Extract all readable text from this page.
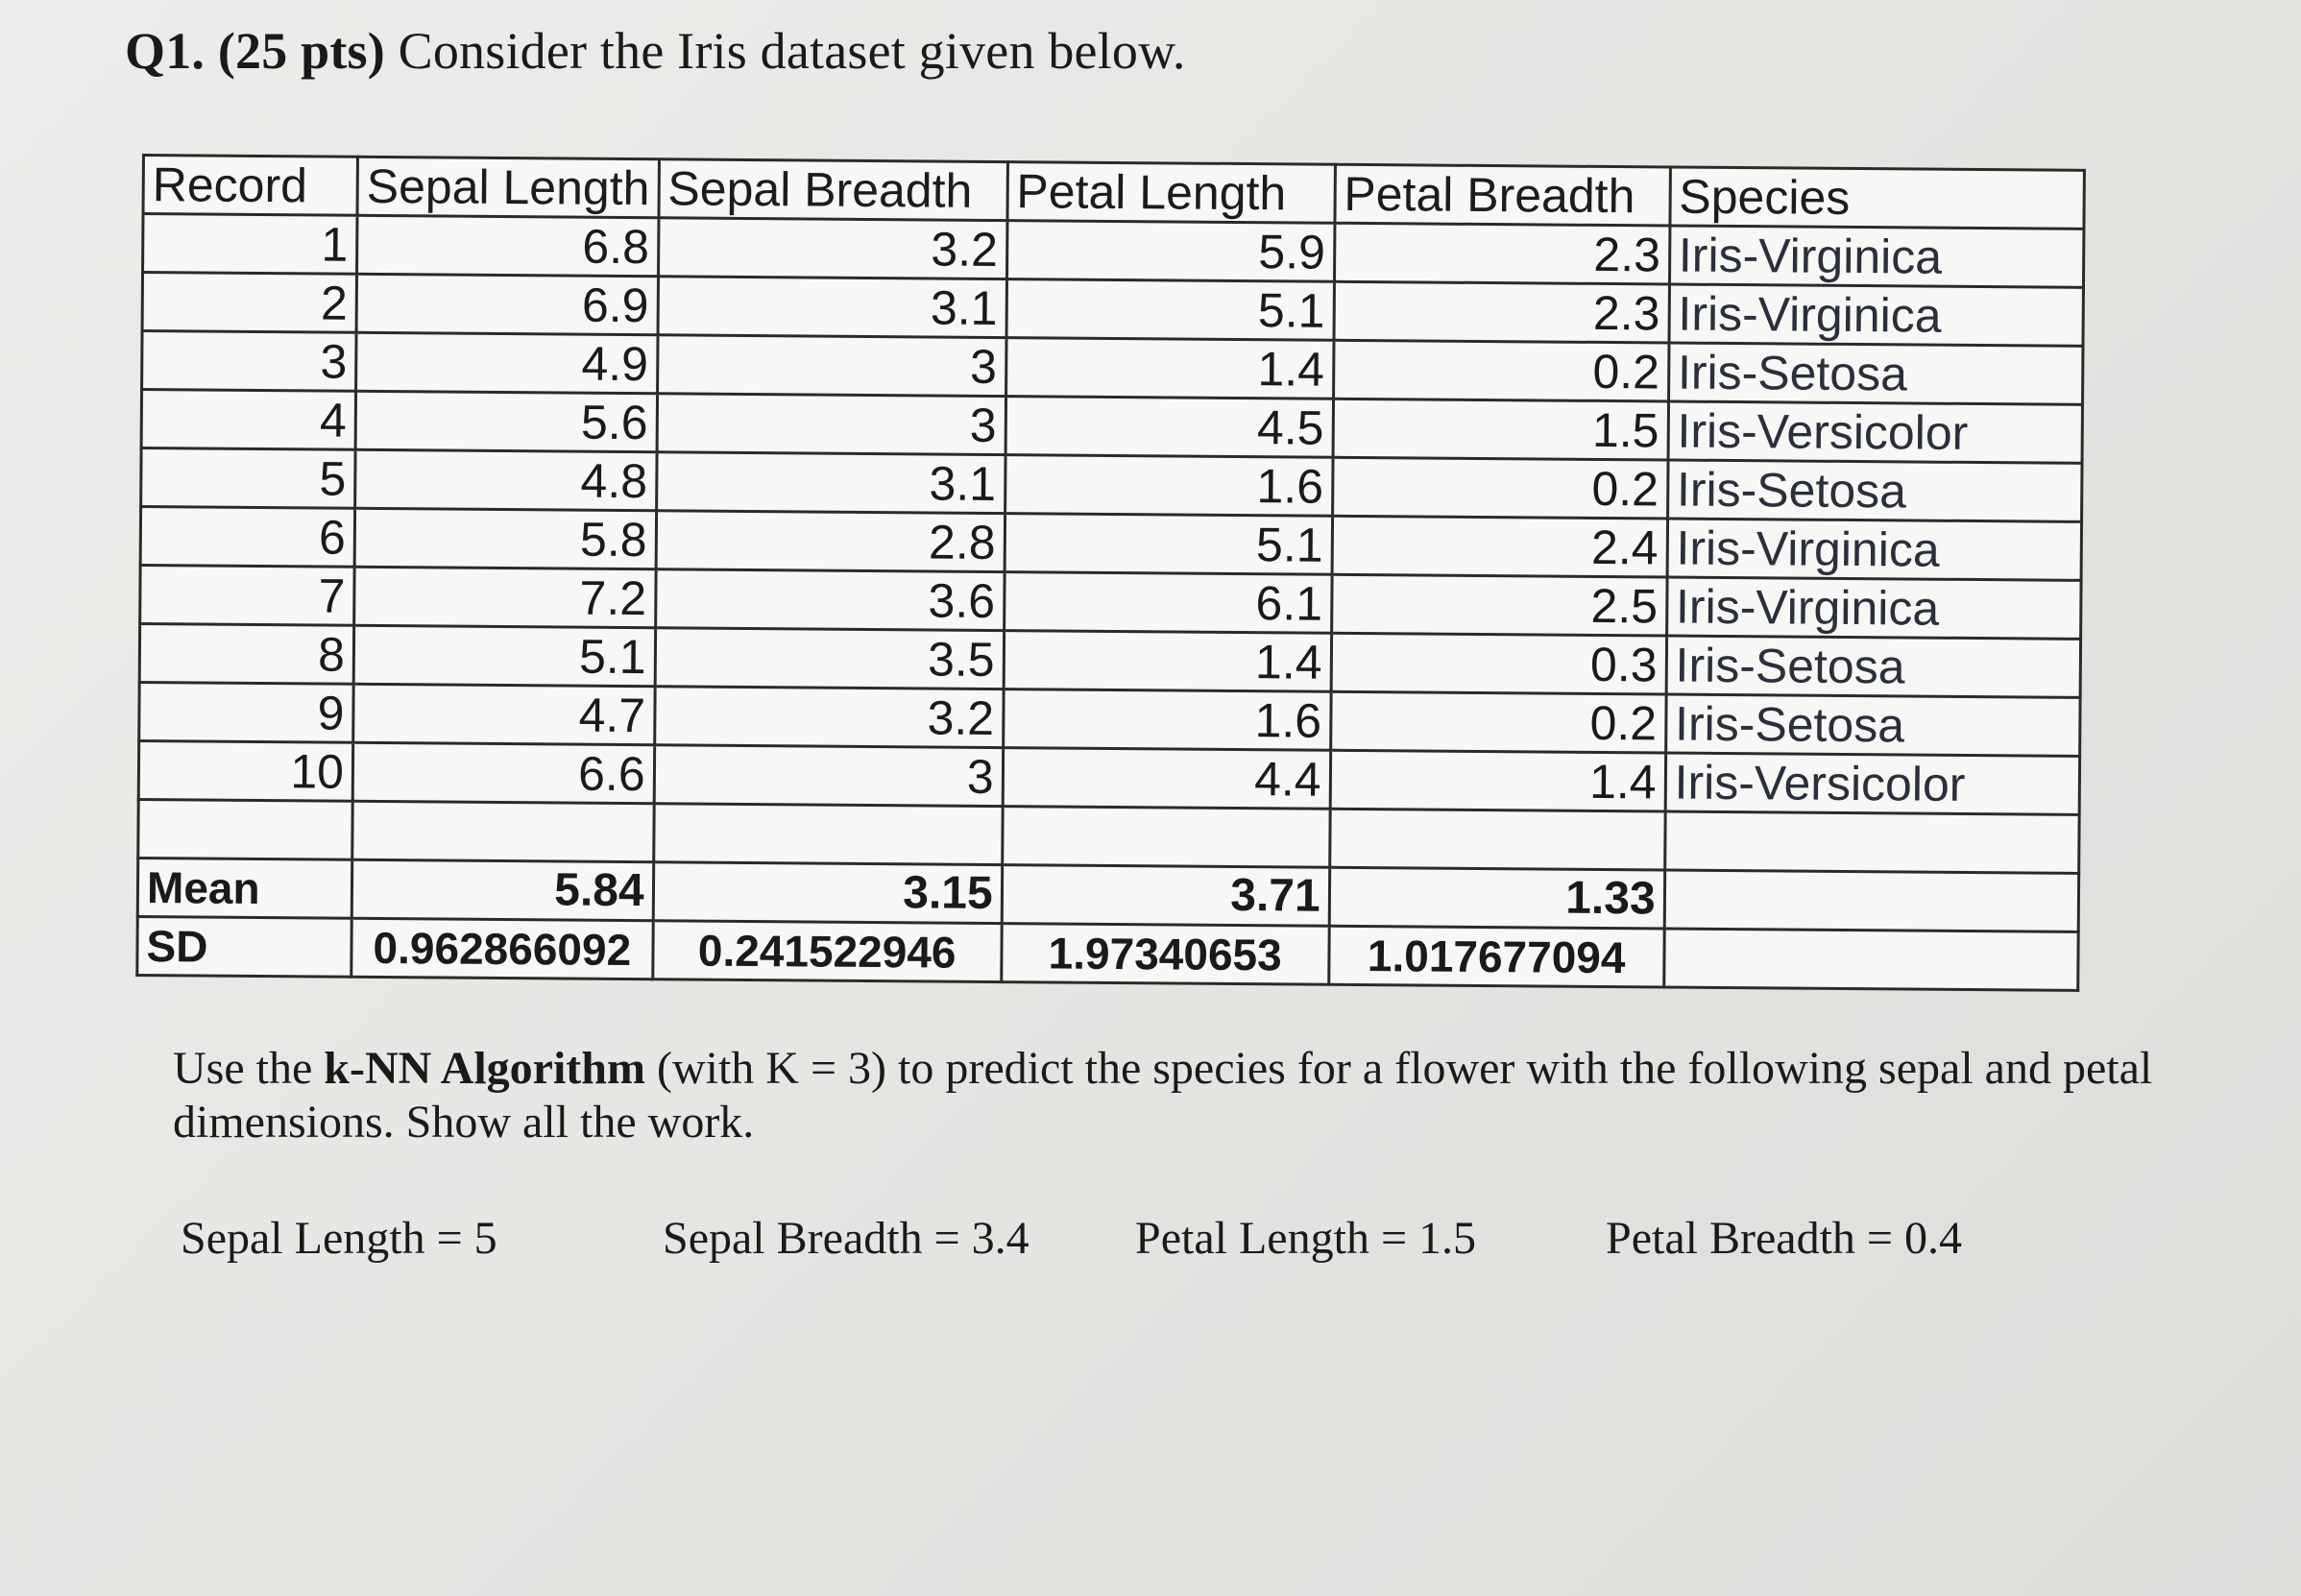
Q1. (25 pts) Consider the Iris dataset given below.
Record	Sepal Length	Sepal Breadth	Petal Length	Petal Breadth	Species
1	6.8	3.2	5.9	2.3	Iris-Virginica
2	6.9	3.1	5.1	2.3	Iris-Virginica
3	4.9	3	1.4	0.2	Iris-Setosa
4	5.6	3	4.5	1.5	Iris-Versicolor
5	4.8	3.1	1.6	0.2	Iris-Setosa
6	5.8	2.8	5.1	2.4	Iris-Virginica
7	7.2	3.6	6.1	2.5	Iris-Virginica
8	5.1	3.5	1.4	0.3	Iris-Setosa
9	4.7	3.2	1.6	0.2	Iris-Setosa
10	6.6	3	4.4	1.4	Iris-Versicolor

Mean	5.84	3.15	3.71	1.33	
SD	0.962866092	0.241522946	1.97340653	1.017677094	
Use the k-NN Algorithm (with K = 3) to predict the species for a flower with the following sepal and petal dimensions. Show all the work.
Sepal Length = 5	Sepal Breadth = 3.4 Petal Length = 1.5	Petal Breadth = 0.4
